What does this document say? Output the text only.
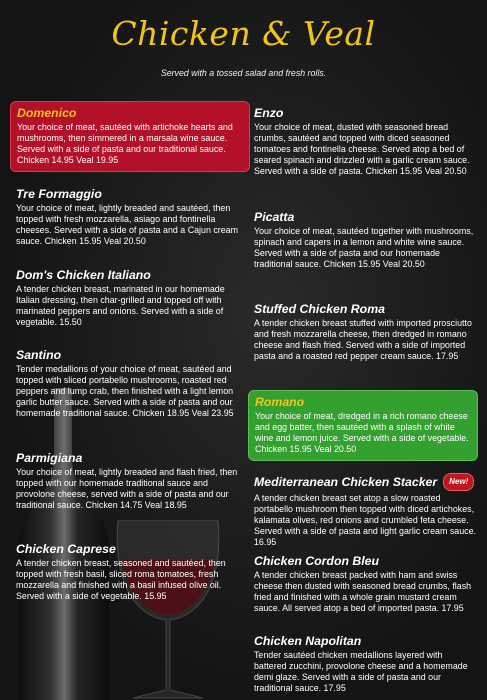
Chicken & Veal
Served with a tossed salad and fresh rolls.
Domenico

Your choice of meat, sautéed with artichoke hearts and mushrooms, then simmered in a marsala wine sauce. Served with a side of pasta and our traditional sauce. Chicken 14.95 Veal 19.95

Tre Formaggio

Your choice of meat, lightly breaded and sautéed, then topped with fresh mozzarella, asiago and fontinella cheeses. Served with a side of pasta and a Cajun cream sauce. Chicken 15.95 Veal 20.50

Dom's Chicken Italiano

A tender chicken breast, marinated in our homemade Italian dressing, then char-grilled and topped off with marinated peppers and onions. Served with a side of vegetable. 15.50

Santino

Tender medallions of your choice of meat, sautéed and topped with sliced portabello mushrooms, roasted red peppers and lump crab, then finished with a light lemon garlic butter sauce. Served with a side of pasta and our homemade traditional sauce. Chicken 18.95 Veal 23.95

Parmigiana

Your choice of meat, lightly breaded and flash fried, then topped with our homemade traditional sauce and provolone cheese, served with a side of pasta and our traditional sauce. Chicken 14.75 Veal 18.95

Chicken Caprese

A tender chicken breast, seasoned and sautéed, then topped with fresh basil, sliced roma tomatoes, fresh mozzarella and finished with a basil infused olive oil. Served with a side of vegetable. 15.95

Enzo

Your choice of meat, dusted with seasoned bread crumbs, sautéed and topped with diced seasoned tomatoes and fontinella cheese. Served atop a bed of seared spinach and drizzled with a garlic cream sauce. Served with a side of pasta. Chicken 15.95 Veal 20.50

Picatta

Your choice of meat, sautéed together with mushrooms, spinach and capers in a lemon and white wine sauce. Served with a side of pasta and our homemade traditional sauce. Chicken 15.95 Veal 20.50

Stuffed Chicken Roma

A tender chicken breast stuffed with imported prosciutto and fresh mozzarella cheese, then dredged in romano cheese and flash fried. Served with a side of imported pasta and a roasted red pepper cream sauce. 17.95

Romano

Your choice of meat, dredged in a rich romano cheese and egg batter, then sautéed with a splash of white wine and lemon juice. Served with a side of vegetable. Chicken 15.95 Veal 20.50

Mediterranean Chicken Stacker New!

A tender chicken breast set atop a slow roasted portabello mushroom then topped with diced artichokes, kalamata olives, red onions and crumbled feta cheese. Served with a side of pasta and light garlic cream sauce. 16.95

Chicken Cordon Bleu

A tender chicken breast packed with ham and swiss cheese then dusted with seasoned bread crumbs, flash fried and finished with a whole grain mustard cream sauce. All served atop a bed of imported pasta. 17.95

Chicken Napolitan

Tender sautéed chicken medallions layered with battered zucchini, provolone cheese and a homemade demi glaze. Served with a side of pasta and our traditional sauce. 17.95
